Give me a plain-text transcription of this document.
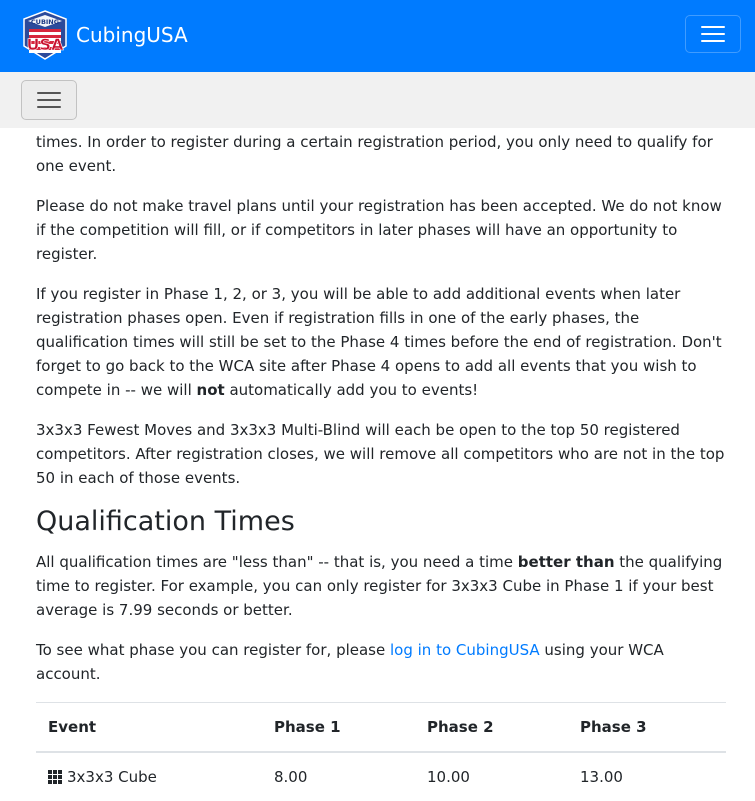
CUBING
USA CubingUSA

times. In order to register during a certain registration period, you only need to qualify for one event.

Please do not make travel plans until your registration has been accepted. We do not know if the competition will fill, or if competitors in later phases will have an opportunity to register.

If you register in Phase 1, 2, or 3, you will be able to add additional events when later registration phases open. Even if registration fills in one of the early phases, the qualification times will still be set to the Phase 4 times before the end of registration. Don't forget to go back to the WCA site after Phase 4 opens to add all events that you wish to compete in -- we will not automatically add you to events!

3x3x3 Fewest Moves and 3x3x3 Multi-Blind will each be open to the top 50 registered competitors. After registration closes, we will remove all competitors who are not in the top 50 in each of those events.

Qualification Times

All qualification times are "less than" -- that is, you need a time better than the qualifying time to register. For example, you can only register for 3x3x3 Cube in Phase 1 if your best average is 7.99 seconds or better.

To see what phase you can register for, please log in to CubingUSA using your WCA account.

Event	Phase 1	Phase 2	Phase 3
3x3x3 Cube	8.00	10.00	13.00
